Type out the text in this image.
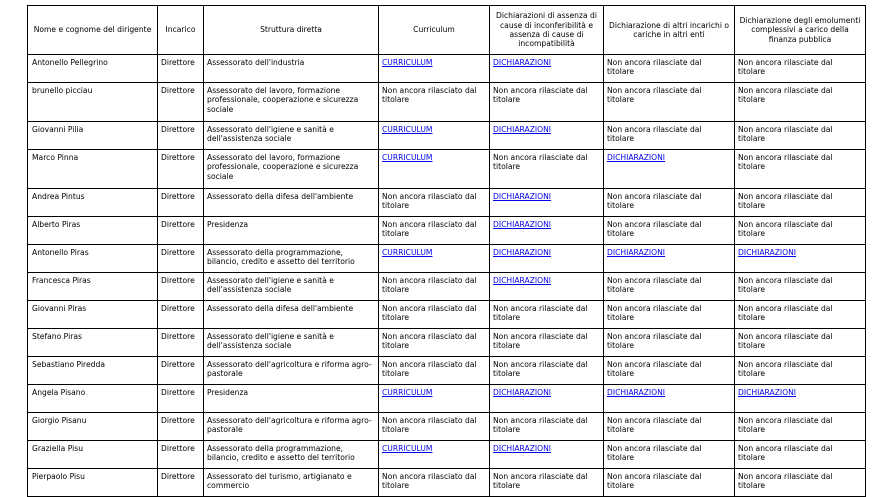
Nome e cognome del dirigente	Incarico	Struttura diretta	Curriculum	Dichiarazioni di assenza di cause di inconferibilità e assenza di cause di incompatibilità	Dichiarazione di altri incarichi o cariche in altri enti	Dichiarazione degli emolumenti complessivi a carico della finanza pubblica
Antonello Pellegrino	Direttore	Assessorato dell'industria	CURRICULUM	DICHIARAZIONI	Non ancora rilasciate dal titolare	Non ancora rilasciate dal titolare
brunello picciau	Direttore	Assessorato del lavoro, formazione professionale, cooperazione e sicurezza sociale	Non ancora rilasciato dal titolare	Non ancora rilasciate dal titolare	Non ancora rilasciate dal titolare	Non ancora rilasciate dal titolare
Giovanni Pilia	Direttore	Assessorato dell'igiene e sanità e dell'assistenza sociale	CURRICULUM	DICHIARAZIONI	Non ancora rilasciate dal titolare	Non ancora rilasciate dal titolare
Marco Pinna	Direttore	Assessorato del lavoro, formazione professionale, cooperazione e sicurezza sociale	CURRICULUM	Non ancora rilasciate dal titolare	DICHIARAZIONI	Non ancora rilasciate dal titolare
Andrea Pintus	Direttore	Assessorato della difesa dell'ambiente	Non ancora rilasciato dal titolare	DICHIARAZIONI	Non ancora rilasciate dal titolare	Non ancora rilasciate dal titolare
Alberto Piras	Direttore	Presidenza	Non ancora rilasciato dal titolare	DICHIARAZIONI	Non ancora rilasciate dal titolare	Non ancora rilasciate dal titolare
Antonello Piras	Direttore	Assessorato della programmazione, bilancio, credito e assetto del territorio	CURRICULUM	DICHIARAZIONI	DICHIARAZIONI	DICHIARAZIONI
Francesca Piras	Direttore	Assessorato dell'igiene e sanità e dell'assistenza sociale	Non ancora rilasciato dal titolare	DICHIARAZIONI	Non ancora rilasciate dal titolare	Non ancora rilasciate dal titolare
Giovanni Piras	Direttore	Assessorato della difesa dell'ambiente	Non ancora rilasciato dal titolare	Non ancora rilasciate dal titolare	Non ancora rilasciate dal titolare	Non ancora rilasciate dal titolare
Stefano Piras	Direttore	Assessorato dell'igiene e sanità e dell'assistenza sociale	Non ancora rilasciato dal titolare	Non ancora rilasciate dal titolare	Non ancora rilasciate dal titolare	Non ancora rilasciate dal titolare
Sebastiano Piredda	Direttore	Assessorato dell'agricoltura e riforma agro-pastorale	Non ancora rilasciato dal titolare	Non ancora rilasciate dal titolare	Non ancora rilasciate dal titolare	Non ancora rilasciate dal titolare
Angela Pisano	Direttore	Presidenza	CURRICULUM	DICHIARAZIONI	DICHIARAZIONI	DICHIARAZIONI
Giorgio Pisanu	Direttore	Assessorato dell'agricoltura e riforma agro-pastorale	Non ancora rilasciato dal titolare	Non ancora rilasciate dal titolare	Non ancora rilasciate dal titolare	Non ancora rilasciate dal titolare
Graziella Pisu	Direttore	Assessorato della programmazione, bilancio, credito e assetto del territorio	CURRICULUM	DICHIARAZIONI	Non ancora rilasciate dal titolare	Non ancora rilasciate dal titolare
Pierpaolo Pisu	Direttore	Assessorato del turismo, artigianato e commercio	Non ancora rilasciato dal titolare	Non ancora rilasciate dal titolare	Non ancora rilasciate dal titolare	Non ancora rilasciate dal titolare
